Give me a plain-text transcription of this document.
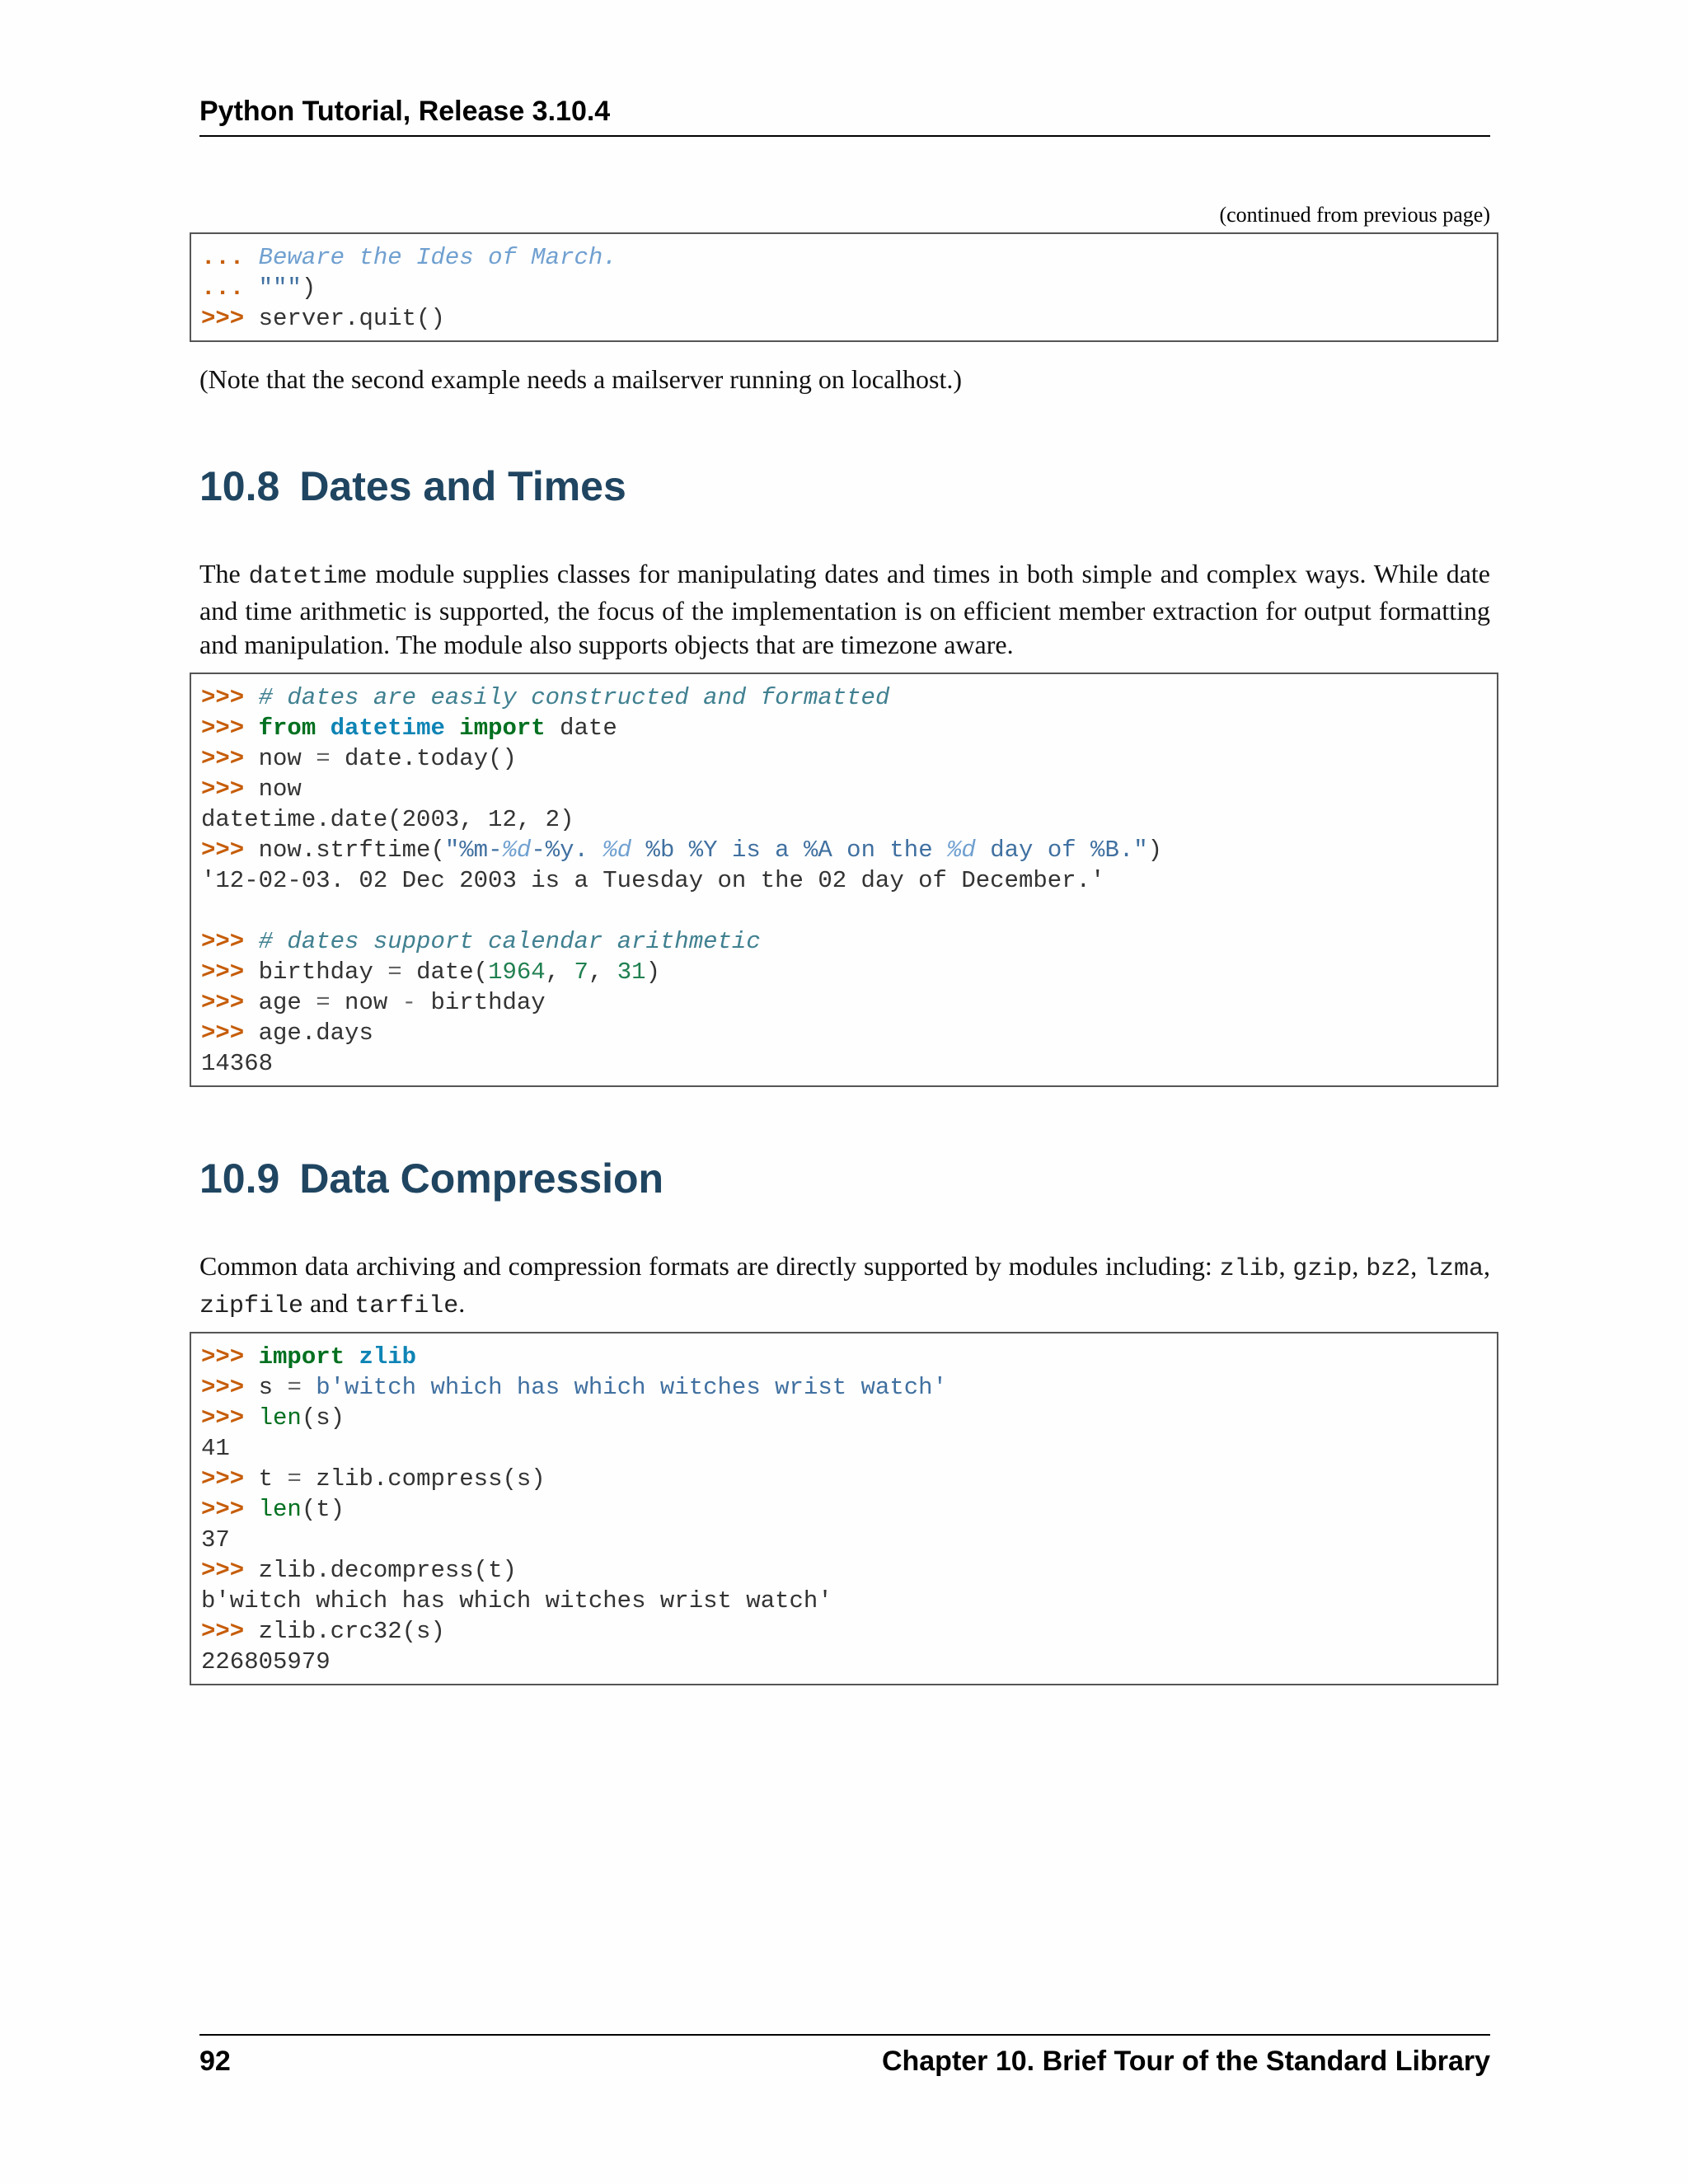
Python Tutorial, Release 3.10.4
(continued from previous page)
... Beware the Ides of March.
... """)
>>> server.quit()
(Note that the second example needs a mailserver running on localhost.)
10.8 Dates and Times
The datetime module supplies classes for manipulating dates and times in both simple and complex ways. While date and time arithmetic is supported, the focus of the implementation is on efficient member extraction for output formatting and manipulation. The module also supports objects that are timezone aware.
>>> # dates are easily constructed and formatted
>>> from datetime import date
>>> now = date.today()
>>> now
datetime.date(2003, 12, 2)
>>> now.strftime("%m-%d-%y. %d %b %Y is a %A on the %d day of %B.")
'12-02-03. 02 Dec 2003 is a Tuesday on the 02 day of December.'
>>> # dates support calendar arithmetic
>>> birthday = date(1964, 7, 31)
>>> age = now - birthday
>>> age.days
14368
10.9 Data Compression
Common data archiving and compression formats are directly supported by modules including: zlib, gzip, bz2, lzma, zipfile and tarfile.
>>> import zlib
>>> s = b'witch which has which witches wrist watch'
>>> len(s)
41
>>> t = zlib.compress(s)
>>> len(t)
37
>>> zlib.decompress(t)
b'witch which has which witches wrist watch'
>>> zlib.crc32(s)
226805979
92	Chapter 10. Brief Tour of the Standard Library
